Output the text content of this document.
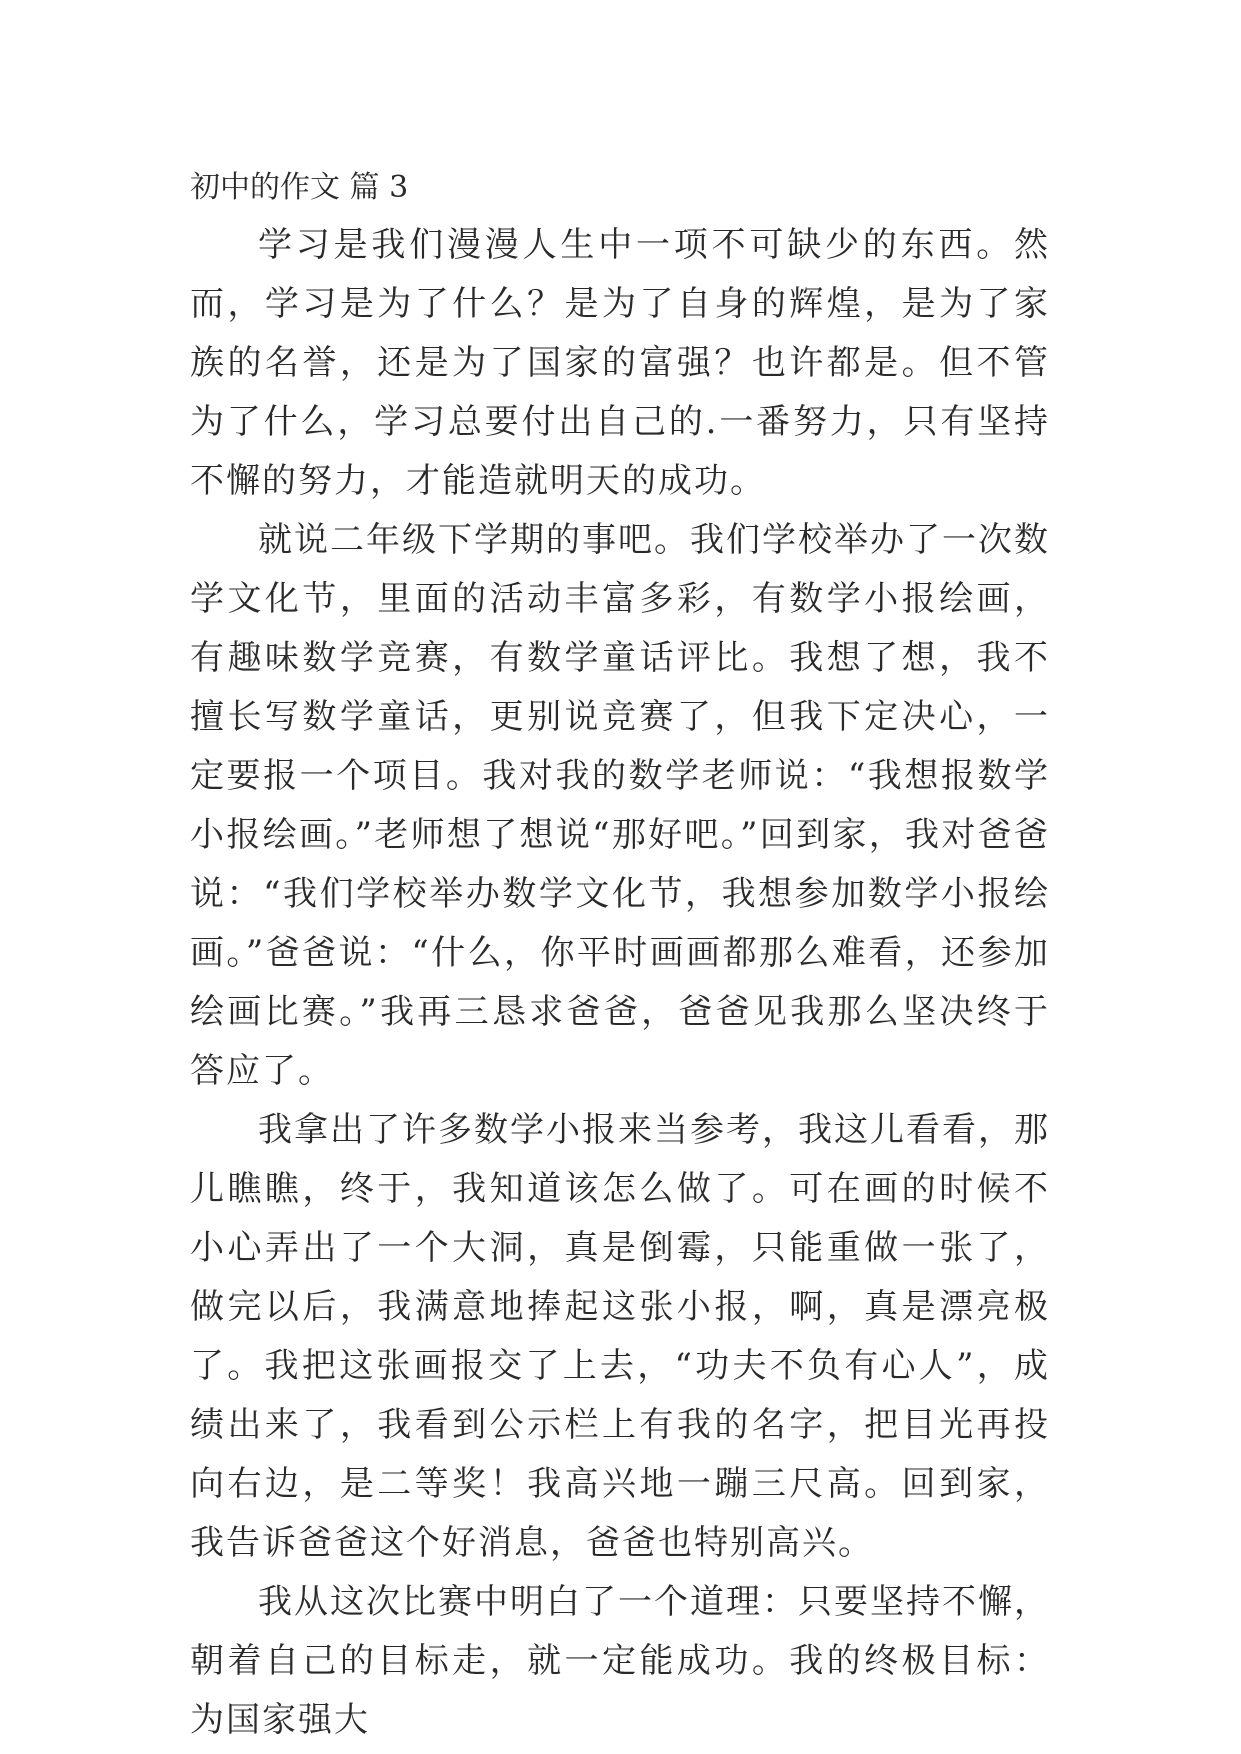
初中的作文 篇 3

学习是我们漫漫人生中一项不可缺少的东西。然而，学习是为了什么？是为了自身的辉煌，是为了家族的名誉，还是为了国家的富强？也许都是。但不管为了什么，学习总要付出自己的.一番努力，只有坚持不懈的努力，才能造就明天的成功。

就说二年级下学期的事吧。我们学校举办了一次数学文化节，里面的活动丰富多彩，有数学小报绘画，有趣味数学竞赛，有数学童话评比。我想了想，我不擅长写数学童话，更别说竞赛了，但我下定决心，一定要报一个项目。我对我的数学老师说：“我想报数学小报绘画。”老师想了想说“那好吧。”回到家，我对爸爸说：“我们学校举办数学文化节，我想参加数学小报绘画。”爸爸说：“什么，你平时画画都那么难看，还参加绘画比赛。”我再三恳求爸爸，爸爸见我那么坚决终于答应了。

我拿出了许多数学小报来当参考，我这儿看看，那儿瞧瞧，终于，我知道该怎么做了。可在画的时候不小心弄出了一个大洞，真是倒霉，只能重做一张了，做完以后，我满意地捧起这张小报，啊，真是漂亮极了。我把这张画报交了上去，“功夫不负有心人”，成绩出来了，我看到公示栏上有我的名字，把目光再投向右边，是二等奖！我高兴地一蹦三尺高。回到家，我告诉爸爸这个好消息，爸爸也特别高兴。

我从这次比赛中明白了一个道理：只要坚持不懈，朝着自己的目标走，就一定能成功。我的终极目标：为国家强大
